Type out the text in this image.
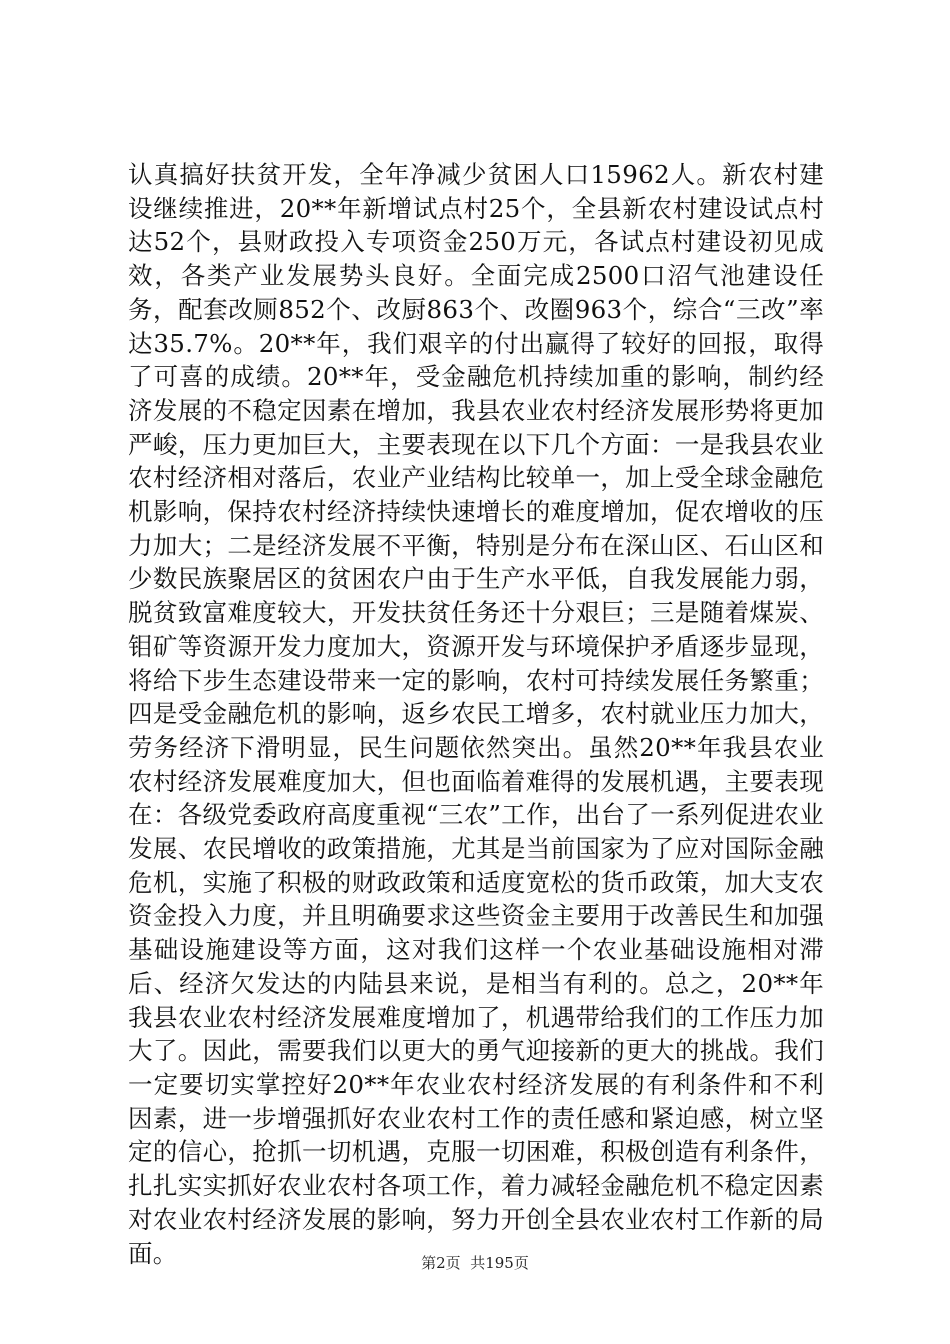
认真搞好扶贫开发，全年净减少贫困人口15962人。新农村建设继续推进，20**年新增试点村25个，全县新农村建设试点村达52个，县财政投入专项资金250万元，各试点村建设初见成效，各类产业发展势头良好。全面完成2500口沼气池建设任务，配套改厕852个、改厨863个、改圈963个，综合“三改”率达35.7%。20**年，我们艰辛的付出赢得了较好的回报，取得了可喜的成绩。20**年，受金融危机持续加重的影响，制约经济发展的不稳定因素在增加，我县农业农村经济发展形势将更加严峻，压力更加巨大，主要表现在以下几个方面：一是我县农业农村经济相对落后，农业产业结构比较单一，加上受全球金融危机影响，保持农村经济持续快速增长的难度增加，促农增收的压力加大；二是经济发展不平衡，特别是分布在深山区、石山区和少数民族聚居区的贫困农户由于生产水平低，自我发展能力弱，脱贫致富难度较大，开发扶贫任务还十分艰巨；三是随着煤炭、钼矿等资源开发力度加大，资源开发与环境保护矛盾逐步显现，将给下步生态建设带来一定的影响，农村可持续发展任务繁重；四是受金融危机的影响，返乡农民工增多，农村就业压力加大，劳务经济下滑明显，民生问题依然突出。虽然20**年我县农业农村经济发展难度加大，但也面临着难得的发展机遇，主要表现在：各级党委政府高度重视“三农”工作，出台了一系列促进农业发展、农民增收的政策措施，尤其是当前国家为了应对国际金融危机，实施了积极的财政政策和适度宽松的货币政策，加大支农资金投入力度，并且明确要求这些资金主要用于改善民生和加强基础设施建设等方面，这对我们这样一个农业基础设施相对滞后、经济欠发达的内陆县来说，是相当有利的。总之，20**年我县农业农村经济发展难度增加了，机遇带给我们的工作压力加大了。因此，需要我们以更大的勇气迎接新的更大的挑战。我们一定要切实掌控好20**年农业农村经济发展的有利条件和不利因素，进一步增强抓好农业农村工作的责任感和紧迫感，树立坚定的信心，抢抓一切机遇，克服一切困难，积极创造有利条件，扎扎实实抓好农业农村各项工作，着力减轻金融危机不稳定因素对农业农村经济发展的影响，努力开创全县农业农村工作新的局面。	第2页  共195页
